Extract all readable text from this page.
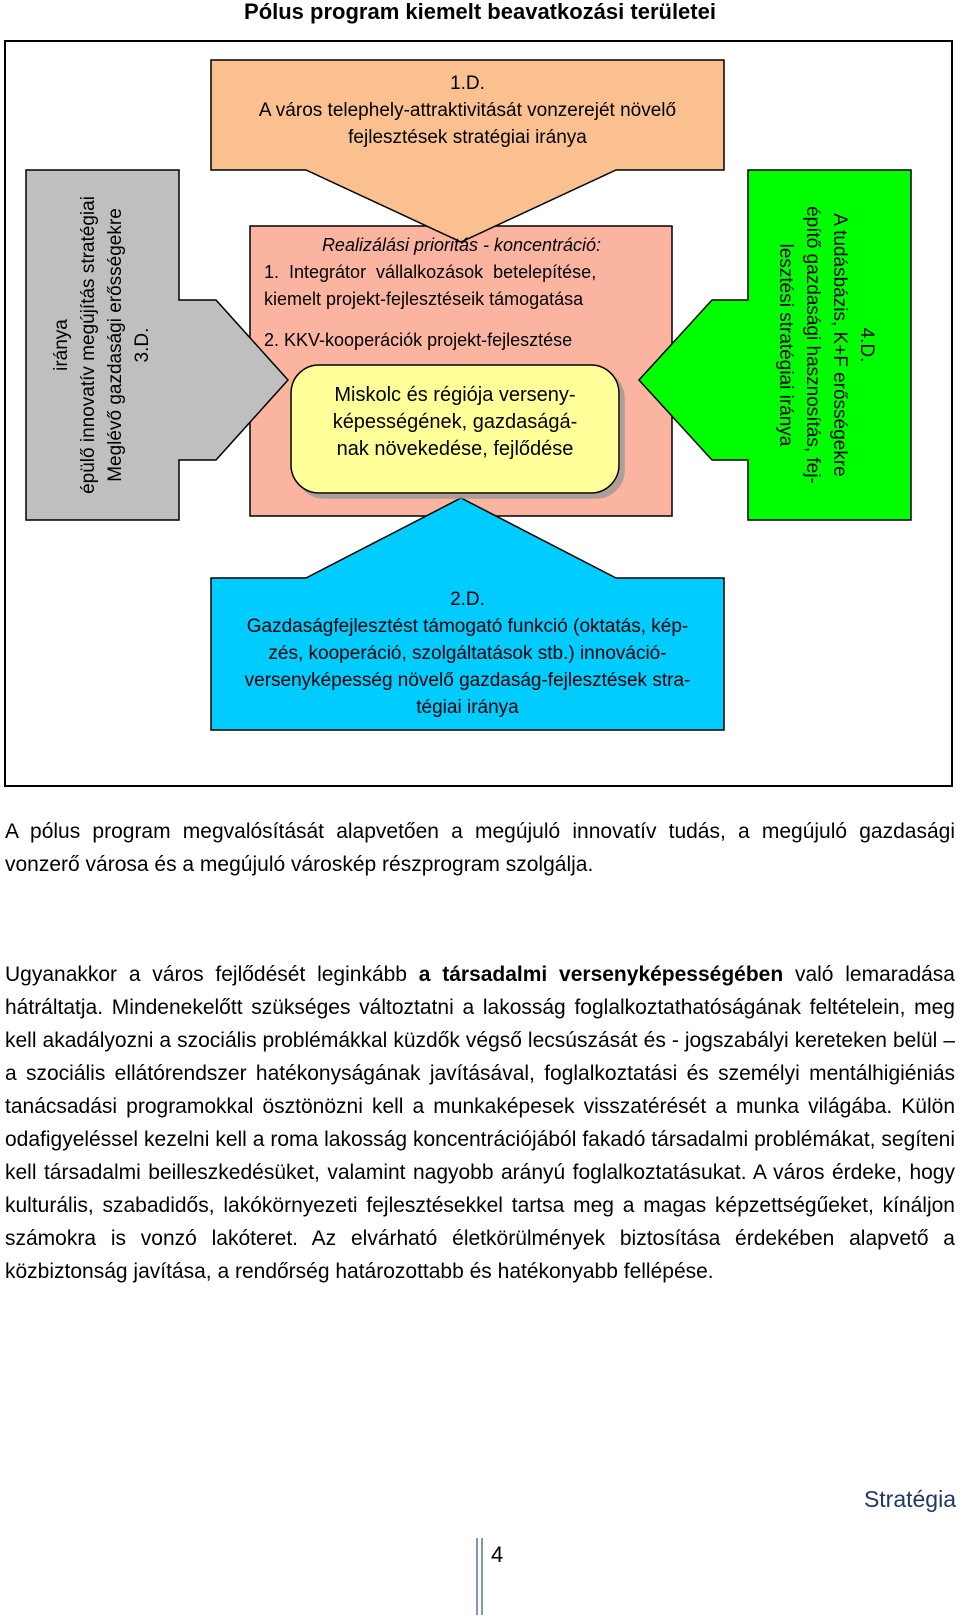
Pólus program kiemelt beavatkozási területei
1.D.
A város telephely-attraktivitását vonzerejét növelő
fejlesztések stratégiai iránya
iránya épülő innovatív megújítás stratégiai Meglévő gazdasági erősségekre 3.D.	4.D.
A tudásbázis, K+F erősségekre
építő gazdasági hasznosítás, fej-
lesztési stratégiai iránya
Realizálási prioritás - koncentráció:
1.  Integrátor  vállalkozások  betelepítése,
kiemelt projekt-fejlesztéseik támogatása
2. KKV-kooperációk projekt-fejlesztése
Miskolc és régiója verseny-
képességének, gazdaságá-
nak növekedése, fejlődése
2.D.
Gazdaságfejlesztést támogató funkció (oktatás, kép-
zés, kooperáció, szolgáltatások stb.) innováció-
versenyképesség növelő gazdaság-fejlesztések stra-
tégiai iránya

A pólus program megvalósítását alapvetően a megújuló innovatív tudás, a megújuló gazdasági vonzerő városa és a megújuló városkép részprogram szolgálja.

Ugyanakkor a város fejlődését leginkább a társadalmi versenyképességében való lemaradása hátráltatja. Mindenekelőtt szükséges változtatni a lakosság foglalkoztathatóságának feltételein, meg kell akadályozni a szociális problémákkal küzdők végső lecsúszását és - jogszabályi kereteken belül – a szociális ellátórendszer hatékonyságának javításával, foglalkoztatási és személyi mentálhigiéniás tanácsadási programokkal ösztönözni kell a munkaképesek visszatérését a munka világába. Külön odafigyeléssel kezelni kell a roma lakosság koncentrációjából fakadó társadalmi problémákat, segíteni kell társadalmi beilleszkedésüket, valamint nagyobb arányú foglalkoztatásukat. A város érdeke, hogy kulturális, szabadidős, lakókörnyezeti fejlesztésekkel tartsa meg a magas képzettségűeket, kínáljon számokra is vonzó lakóteret. Az elvárható életkörülmények biztosítása érdekében alapvető a közbiztonság javítása, a rendőrség határozottabb és hatékonyabb fellépése.

Stratégia
4
